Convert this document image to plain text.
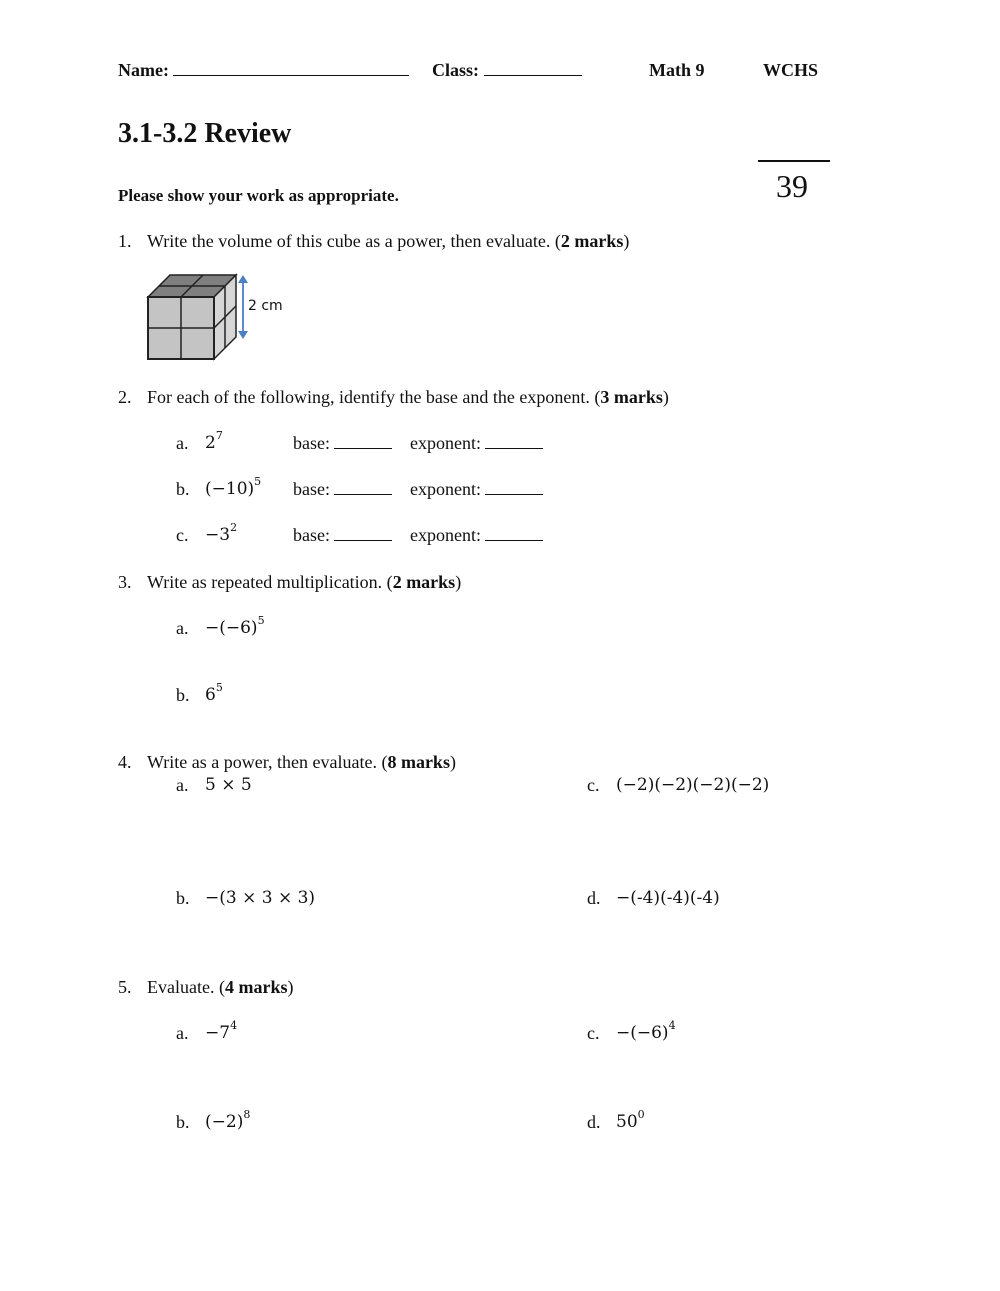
Name:	Class:	Math 9	WCHS
3.1-3.2 Review
Please show your work as appropriate.	39
1. Write the volume of this cube as a power, then evaluate. (2 marks)
2 cm
2. For each of the following, identify the base and the exponent. (3 marks)
a. $2^7$	base:	exponent:
b. $(-10)^5$ base:	exponent:
c. $-3^2$	base:	exponent:
3. Write as repeated multiplication. (2 marks)
a. $-(-6)^5$
b. $6^5$
4. Write as a power, then evaluate. (8 marks)
a. 5 × 5
b. −(3 × 3 × 3)
c. (−2)(−2)(−2)(−2)
d. −(-4)(-4)(-4)
5. Evaluate. (4 marks)
a. $-7^4$
b. $(-2)^8$
c. $-(-6)^4$
d. $50^0$
